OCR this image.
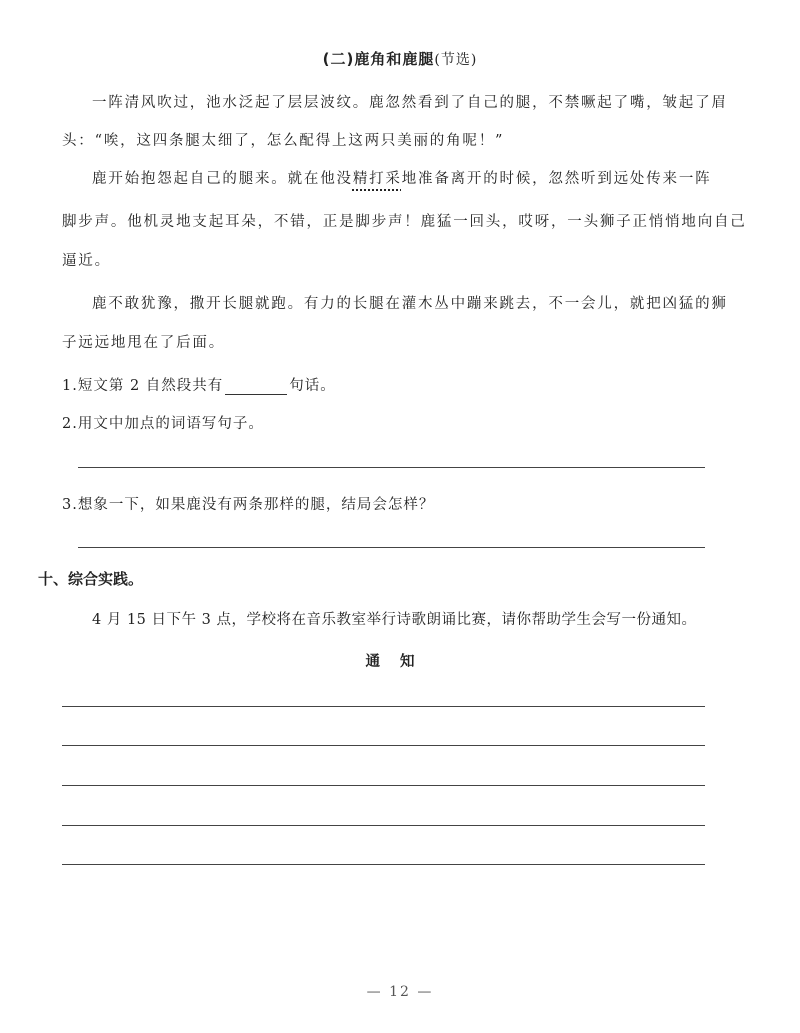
(二)鹿角和鹿腿(节选)
一阵清风吹过，池水泛起了层层波纹。鹿忽然看到了自己的腿，不禁噘起了嘴，皱起了眉
头：“唉，这四条腿太细了，怎么配得上这两只美丽的角呢！”
鹿开始抱怨起自己的腿来。就在他没精打采地准备离开的时候，忽然听到远处传来一阵
脚步声。他机灵地支起耳朵，不错，正是脚步声！鹿猛一回头，哎呀，一头狮子正悄悄地向自己
逼近。
鹿不敢犹豫，撒开长腿就跑。有力的长腿在灌木丛中蹦来跳去，不一会儿，就把凶猛的狮
子远远地甩在了后面。
1.短文第 2 自然段共有	句话。
2.用文中加点的词语写句子。
3.想象一下，如果鹿没有两条那样的腿，结局会怎样？
十、综合实践。
4 月 15 日下午 3 点，学校将在音乐教室举行诗歌朗诵比赛，请你帮助学生会写一份通知。
通知
— 12 —
